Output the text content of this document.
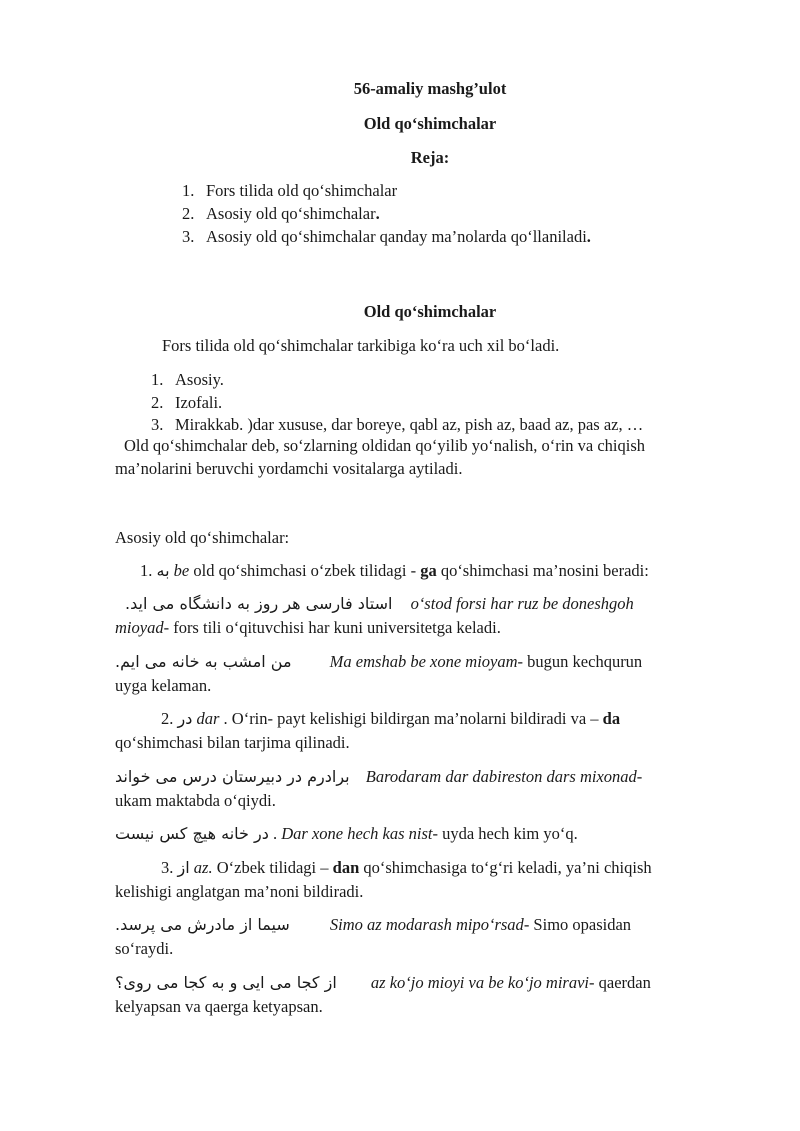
56-amaliy mashg’ulot
Old qo‘shimchalar
Reja:
1. Fors tilida old qo‘shimchalar
2. Asosiy old qo‘shimchalar.
3. Asosiy old qo‘shimchalar qanday ma’nolarda qo‘llaniladi.
Old qo‘shimchalar
Fors tilida old qo‘shimchalar tarkibiga ko‘ra uch xil bo‘ladi.
1. Asosiy.
2. Izofali.
3. Mirakkab. )dar xususe, dar boreye, qabl az, pish az, baad az, pas az, …
Old qo‘shimchalar deb, so‘zlarning oldidan qo‘yilib yo‘nalish, o‘rin va chiqish
ma’nolarini beruvchi yordamchi vositalarga aytiladi.
Asosiy old qo‘shimchalar:
1. به be old qo‘shimchasi o‘zbek tilidagi - ga qo‘shimchasi ma’nosini beradi:
استاد فارسی هر روز به دانشگاه می اید. o‘stod forsi har ruz be doneshgoh
mioyad- fors tili o‘qituvchisi har kuni universitetga keladi.
من امشب به خانه می ایم. Ma emshab be xone mioyam- bugun kechqurun
uyga kelaman.
2. در dar . O‘rin- payt kelishigi bildirgan ma’nolarni bildiradi va – da
qo‘shimchasi bilan tarjima qilinadi.
برادرم در دبیرستان درس می خواند Barodaram dar dabireston dars mixonad-
ukam maktabda o‘qiydi.
در خانه هیچ کس نیست . Dar xone hech kas nist- uyda hech kim yo‘q.
3. از az. O‘zbek tilidagi – dan qo‘shimchasiga to‘g‘ri keladi, ya’ni chiqish
kelishigi anglatgan ma’noni bildiradi.
سیما از مادرش می پرسد. Simo az modarash mipo‘rsad- Simo opasidan
so‘raydi.
از کجا می ایی و به کجا می روی؟ az ko‘jo mioyi va be ko‘jo miravi- qaerdan
kelyapsan va qaerga ketyapsan.
